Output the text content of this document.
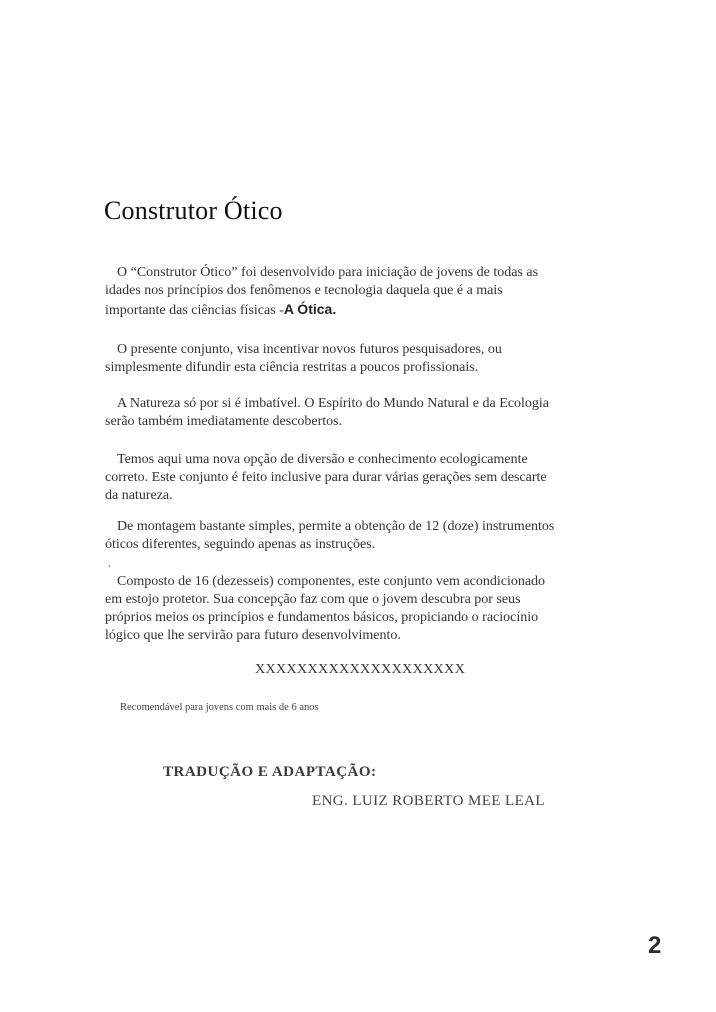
Construtor Ótico
O “Construtor Ótico” foi desenvolvido para iniciação de jovens de todas as
idades nos princípios dos fenômenos e tecnologia daquela que é a mais
importante das ciências físicas -A Ótica.
O presente conjunto, visa incentivar novos futuros pesquisadores, ou
simplesmente difundir esta ciência restritas a poucos profissionais.
A Natureza só por si é imbatível. O Espírito do Mundo Natural e da Ecologia
serão também imediatamente descobertos.
Temos aqui uma nova opção de diversão e conhecimento ecologicamente
correto. Este conjunto é feito inclusive para durar várias gerações sem descarte
da natureza.
De montagem bastante simples, permite a obtenção de 12 (doze) instrumentos
óticos diferentes, seguindo apenas as instruções.
.
Composto de 16 (dezesseis) componentes, este conjunto vem acondicionado
em estojo protetor. Sua concepção faz com que o jovem descubra por seus
próprios meios os princípios e fundamentos básicos, propiciando o raciocínio
lógico que lhe servirão para futuro desenvolvimento.
XXXXXXXXXXXXXXXXXXXX
Recomendável para jovens com mais de 6 anos
TRADUÇÃO E ADAPTAÇÃO:
ENG. LUIZ ROBERTO MEE LEAL
2
